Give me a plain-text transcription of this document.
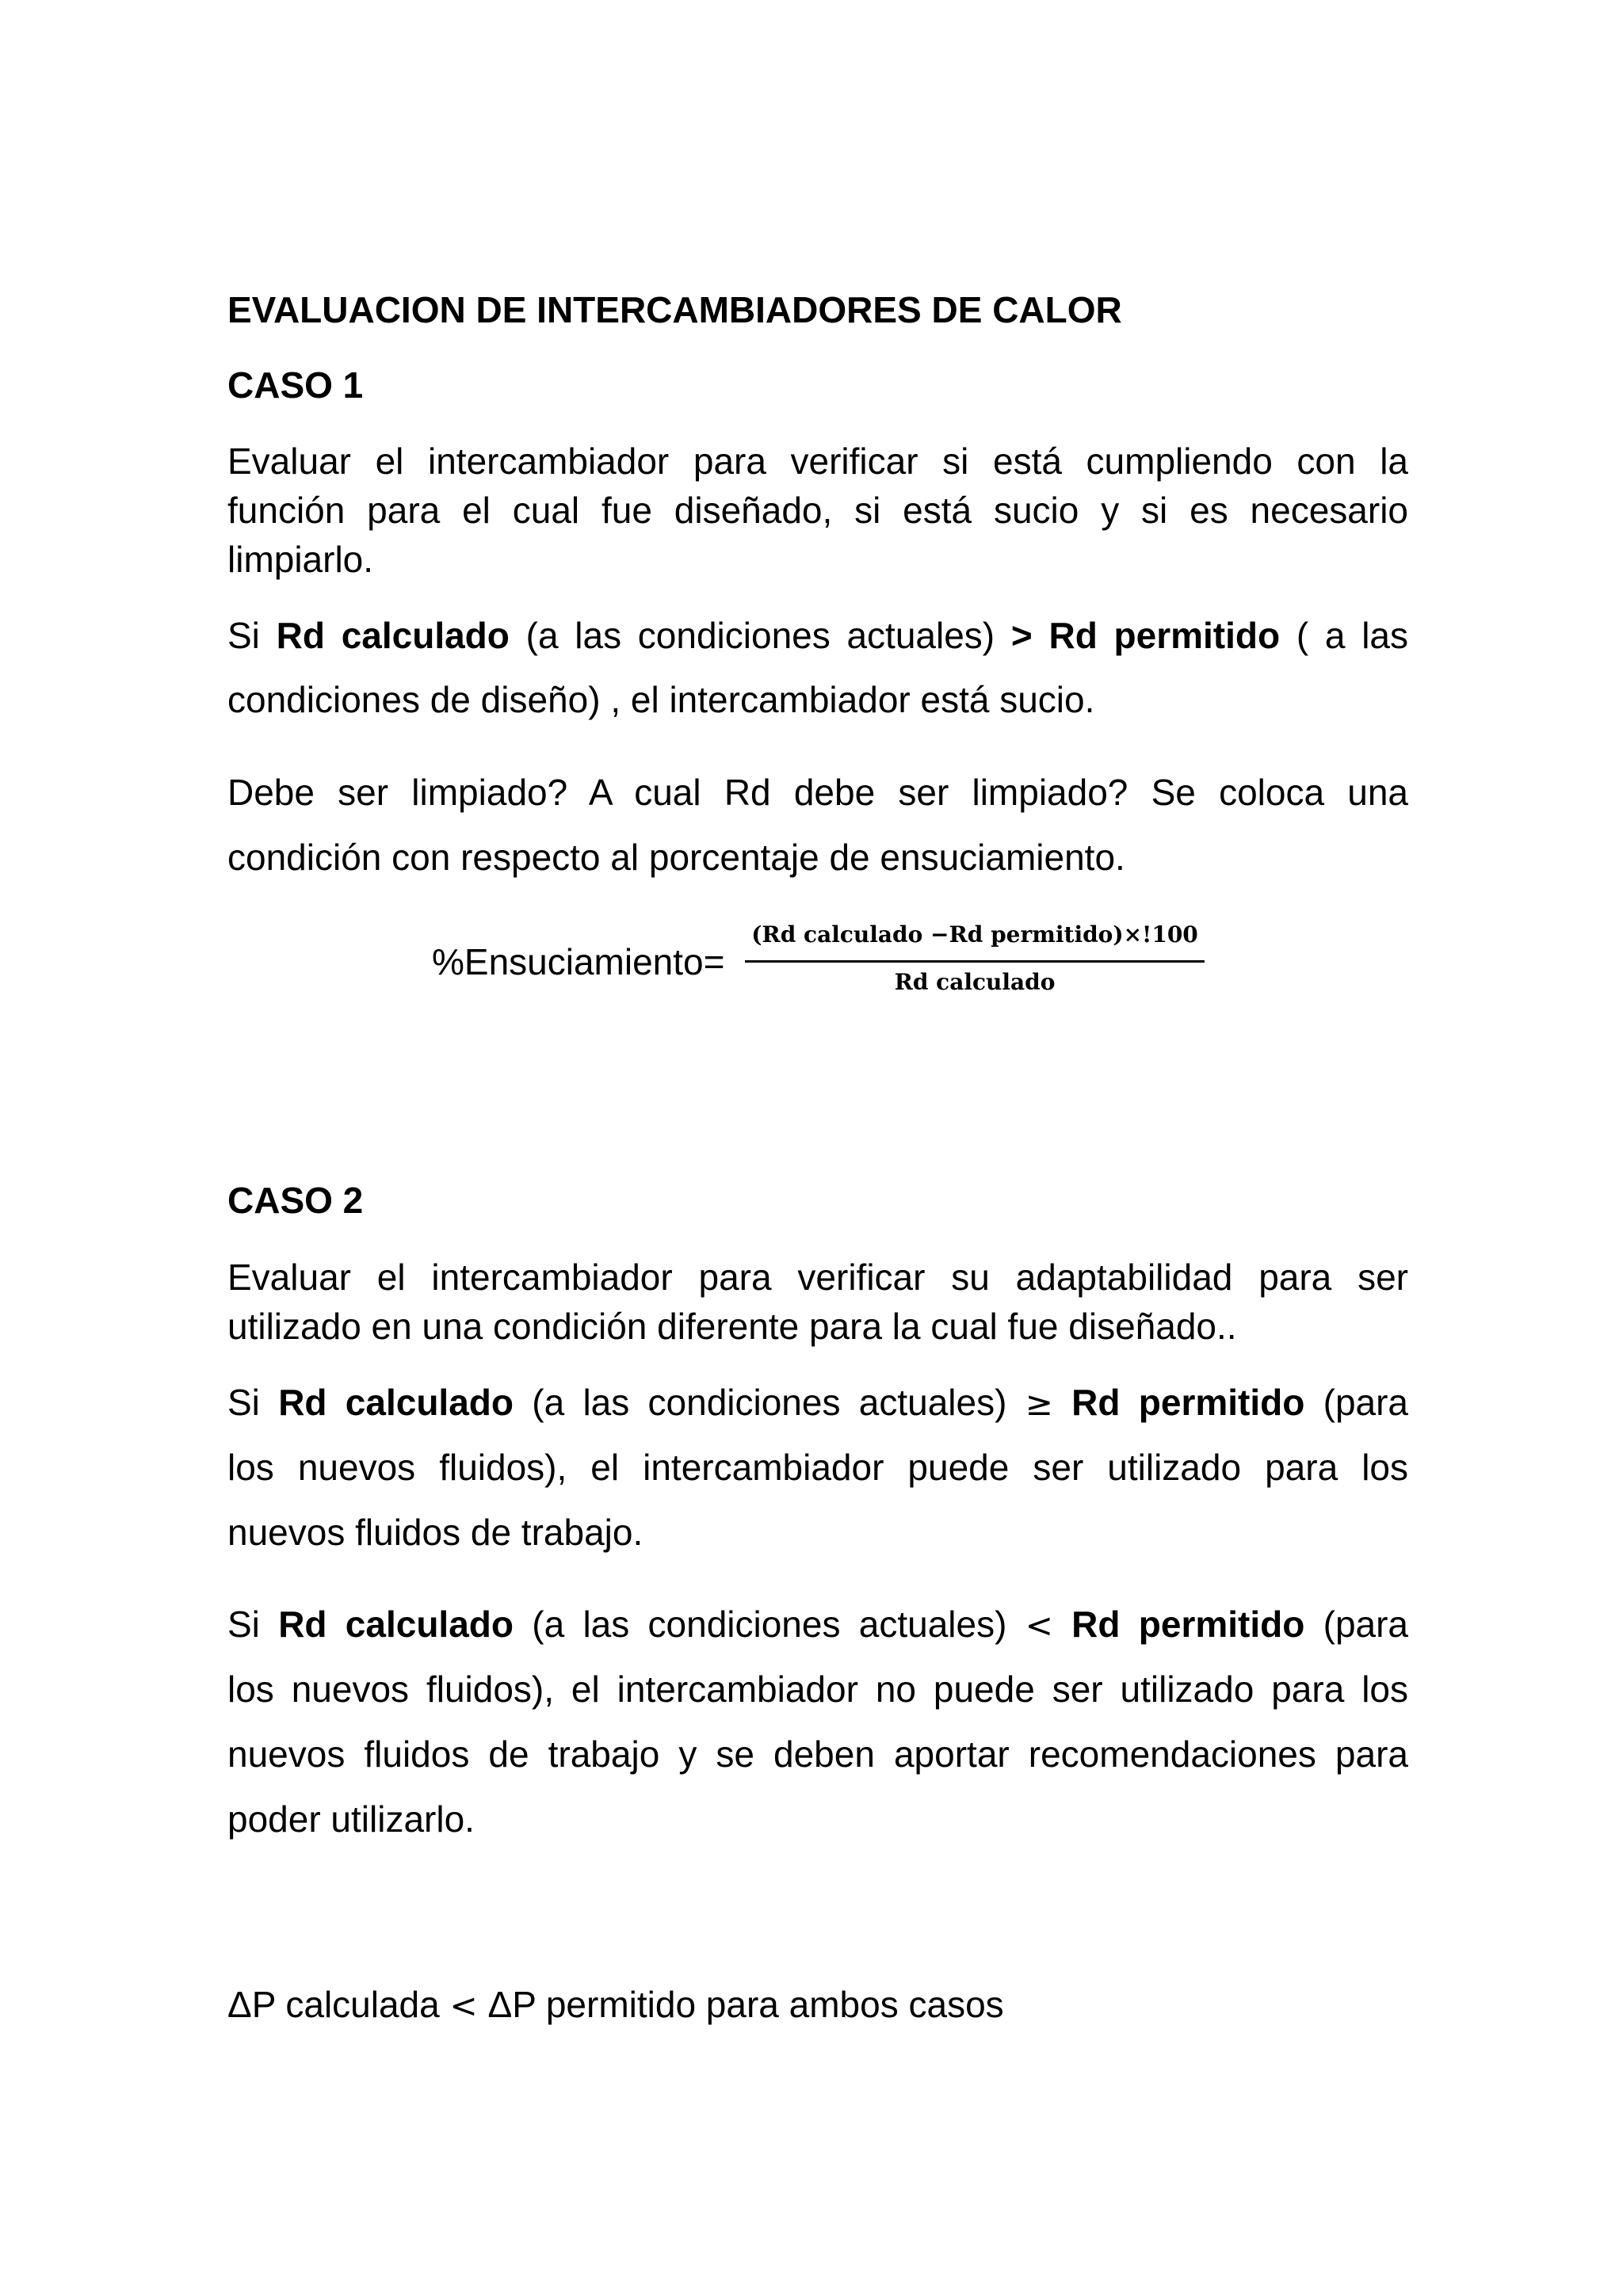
EVALUACION DE INTERCAMBIADORES DE CALOR
CASO 1
Evaluar el intercambiador para verificar si está cumpliendo con la
función para el cual fue diseñado, si está sucio y si es necesario
limpiarlo.
Si Rd calculado (a las condiciones actuales) > Rd permitido ( a las
condiciones de diseño) , el intercambiador está sucio.
Debe ser limpiado? A cual Rd debe ser limpiado? Se coloca una
condición con respecto al porcentaje de ensuciamiento.
%Ensuciamiento=
(Rd calculado −Rd permitido)×!100
Rd calculado
CASO 2
Evaluar el intercambiador para verificar su adaptabilidad para ser
utilizado en una condición diferente para la cual fue diseñado..
Si Rd calculado (a las condiciones actuales) ≥ Rd permitido (para
los nuevos fluidos), el intercambiador puede ser utilizado para los
nuevos fluidos de trabajo.
Si Rd calculado (a las condiciones actuales) < Rd permitido (para
los nuevos fluidos), el intercambiador no puede ser utilizado para los
nuevos fluidos de trabajo y se deben aportar recomendaciones para
poder utilizarlo.
ΔP calculada < ΔP permitido para ambos casos
